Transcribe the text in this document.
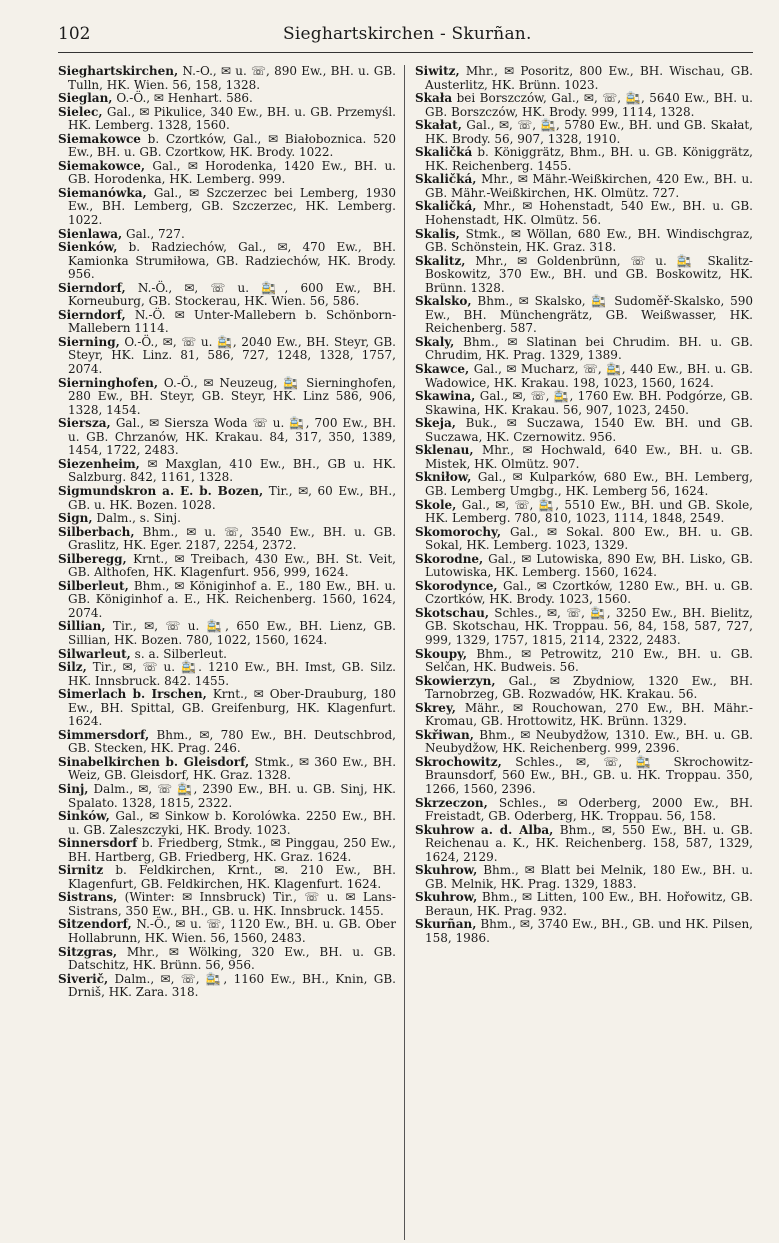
102	Sieghartskirchen - Skurñan.

Sieghartskirchen, N.-Ö., ✉ u. ☏, 890 Ew., BH. u. GB. Tulln, HK. Wien. 56, 158, 1328.

Sieglan, O.-Ö., ✉ Henhart. 586.

Sielec, Gal., ✉ Pikulice, 340 Ew., BH. u. GB. Przemyśl. HK. Lemberg. 1328, 1560.

Siemakowce b. Czortków, Gal., ✉ Białoboznica. 520 Ew., BH. u. GB. Czortkow, HK. Brody. 1022.

Siemakowce, Gal., ✉ Horodenka, 1420 Ew., BH. u. GB. Horodenka, HK. Lemberg. 999.

Siemanówka, Gal., ✉ Szczerzec bei Lemberg, 1930 Ew., BH. Lemberg, GB. Szczerzec, HK. Lemberg. 1022.

Sienlawa, Gal., 727.

Sienków, b. Radziechów, Gal., ✉, 470 Ew., BH. Kamionka Strumiłowa, GB. Radziechów, HK. Brody. 956.

Sierndorf, N.-Ö., ✉, ☏ u. 🚉, 600 Ew., BH. Korneuburg, GB. Stockerau, HK. Wien. 56, 586.

Sierndorf, N.-Ö. ✉ Unter-Mallebern b. Schönborn-Mallebern 1114.

Sierning, O.-Ö., ✉, ☏ u. 🚉, 2040 Ew., BH. Steyr, GB. Steyr, HK. Linz. 81, 586, 727, 1248, 1328, 1757, 2074.

Sierninghofen, O.-Ö., ✉ Neuzeug, 🚉 Sierninghofen, 280 Ew., BH. Steyr, GB. Steyr, HK. Linz 586, 906, 1328, 1454.

Siersza, Gal., ✉ Siersza Woda ☏ u. 🚉, 700 Ew., BH. u. GB. Chrzanów, HK. Krakau. 84, 317, 350, 1389, 1454, 1722, 2483.

Siezenheim, ✉ Maxglan, 410 Ew., BH., GB u. HK. Salzburg. 842, 1161, 1328.

Sigmundskron a. E. b. Bozen, Tir., ✉, 60 Ew., BH., GB. u. HK. Bozen. 1028.

Sign, Dalm., s. Sinj.

Silberbach, Bhm., ✉ u. ☏, 3540 Ew., BH. u. GB. Graslitz, HK. Eger. 2187, 2254, 2372.

Silberegg, Krnt., ✉ Treibach, 430 Ew., BH. St. Veit, GB. Althofen, HK. Klagenfurt. 956, 999, 1624.

Silberleut, Bhm., ✉ Königinhof a. E., 180 Ew., BH. u. GB. Königinhof a. E., HK. Reichenberg. 1560, 1624, 2074.

Sillian, Tir., ✉, ☏ u. 🚉, 650 Ew., BH. Lienz, GB. Sillian, HK. Bozen. 780, 1022, 1560, 1624.

Silwarleut, s. a. Silberleut.

Silz, Tir., ✉, ☏ u. 🚉. 1210 Ew., BH. Imst, GB. Silz. HK. Innsbruck. 842. 1455.

Simerlach b. Irschen, Krnt., ✉ Ober-Drauburg, 180 Ew., BH. Spittal, GB. Greifenburg, HK. Klagenfurt. 1624.

Simmersdorf, Bhm., ✉, 780 Ew., BH. Deutschbrod, GB. Stecken, HK. Prag. 246.

Sinabelkirchen b. Gleisdorf, Stmk., ✉ 360 Ew., BH. Weiz, GB. Gleisdorf, HK. Graz. 1328.

Sinj, Dalm., ✉, ☏ 🚉, 2390 Ew., BH. u. GB. Sinj, HK. Spalato. 1328, 1815, 2322.

Sinków, Gal., ✉ Sinkow b. Korolówka. 2250 Ew., BH. u. GB. Zaleszczyki, HK. Brody. 1023.

Sinnersdorf b. Friedberg, Stmk., ✉ Pinggau, 250 Ew., BH. Hartberg, GB. Friedberg, HK. Graz. 1624.

Sirnitz b. Feldkirchen, Krnt., ✉. 210 Ew., BH. Klagenfurt, GB. Feldkirchen, HK. Klagenfurt. 1624.

Sistrans, (Winter: ✉ Innsbruck) Tir., ☏ u. ✉ Lans-Sistrans, 350 Ew., BH., GB. u. HK. Innsbruck. 1455.

Sitzendorf, N.-Ö., ✉ u. ☏, 1120 Ew., BH. u. GB. Ober Hollabrunn, HK. Wien. 56, 1560, 2483.

Sitzgras, Mhr., ✉ Wölking, 320 Ew., BH. u. GB. Datschitz, HK. Brünn. 56, 956.

Siverič, Dalm., ✉, ☏, 🚉, 1160 Ew., BH., Knin, GB. Drniš, HK. Zara. 318.

Siwitz, Mhr., ✉ Posoritz, 800 Ew., BH. Wischau, GB. Austerlitz, HK. Brünn. 1023.

Skała bei Borszczów, Gal., ✉, ☏, 🚉, 5640 Ew., BH. u. GB. Borszczów, HK. Brody. 999, 1114, 1328.

Skałat, Gal., ✉, ☏, 🚉, 5780 Ew., BH. und GB. Skałat, HK. Brody. 56, 907, 1328, 1910.

Skaličká b. Königgrätz, Bhm., BH. u. GB. Königgrätz, HK. Reichenberg. 1455.

Skaličká, Mhr., ✉ Mähr.-Weißkirchen, 420 Ew., BH. u. GB. Mähr.-Weißkirchen, HK. Olmütz. 727.

Skaličká, Mhr., ✉ Hohenstadt, 540 Ew., BH. u. GB. Hohenstadt, HK. Olmütz. 56.

Skalis, Stmk., ✉ Wöllan, 680 Ew., BH. Windischgraz, GB. Schönstein, HK. Graz. 318.

Skalitz, Mhr., ✉ Goldenbrünn, ☏ u. 🚉 Skalitz-Boskowitz, 370 Ew., BH. und GB. Boskowitz, HK. Brünn. 1328.

Skalsko, Bhm., ✉ Skalsko, 🚉 Sudoměř-Skalsko, 590 Ew., BH. Münchengrätz, GB. Weißwasser, HK. Reichenberg. 587.

Skaly, Bhm., ✉ Slatinan bei Chrudim. BH. u. GB. Chrudim, HK. Prag. 1329, 1389.

Skawce, Gal., ✉ Mucharz, ☏, 🚉, 440 Ew., BH. u. GB. Wadowice, HK. Krakau. 198, 1023, 1560, 1624.

Skawina, Gal., ✉, ☏, 🚉, 1760 Ew. BH. Podgórze, GB. Skawina, HK. Krakau. 56, 907, 1023, 2450.

Skeja, Buk., ✉ Suczawa, 1540 Ew. BH. und GB. Suczawa, HK. Czernowitz. 956.

Sklenau, Mhr., ✉ Hochwald, 640 Ew., BH. u. GB. Mistek, HK. Olmütz. 907.

Skniłow, Gal., ✉ Kulparków, 680 Ew., BH. Lemberg, GB. Lemberg Umgbg., HK. Lemberg 56, 1624.

Skole, Gal., ✉, ☏, 🚉, 5510 Ew., BH. und GB. Skole, HK. Lemberg. 780, 810, 1023, 1114, 1848, 2549.

Skomorochy, Gal., ✉ Sokal. 800 Ew., BH. u. GB. Sokal, HK. Lemberg. 1023, 1329.

Skorodne, Gal., ✉ Lutowiska, 890 Ew, BH. Lisko, GB. Lutowiska, HK. Lemberg. 1560, 1624.

Skorodynce, Gal., ✉ Czortków, 1280 Ew., BH. u. GB. Czortków, HK. Brody. 1023, 1560.

Skotschau, Schles., ✉, ☏, 🚉, 3250 Ew., BH. Bielitz, GB. Skotschau, HK. Troppau. 56, 84, 158, 587, 727, 999, 1329, 1757, 1815, 2114, 2322, 2483.

Skoupy, Bhm., ✉ Petrowitz, 210 Ew., BH. u. GB. Selčan, HK. Budweis. 56.

Skowierzyn, Gal., ✉ Zbydniow, 1320 Ew., BH. Tarnobrzeg, GB. Rozwadów, HK. Krakau. 56.

Skrey, Mähr., ✉ Rouchowan, 270 Ew., BH. Mähr.-Kromau, GB. Hrottowitz, HK. Brünn. 1329.

Skřiwan, Bhm., ✉ Neubydžow, 1310. Ew., BH. u. GB. Neubydžow, HK. Reichenberg. 999, 2396.

Skrochowitz, Schles., ✉, ☏, 🚉 Skrochowitz-Braunsdorf, 560 Ew., BH., GB. u. HK. Troppau. 350, 1266, 1560, 2396.

Skrzeczon, Schles., ✉ Oderberg, 2000 Ew., BH. Freistadt, GB. Oderberg, HK. Troppau. 56, 158.

Skuhrow a. d. Alba, Bhm., ✉, 550 Ew., BH. u. GB. Reichenau a. K., HK. Reichenberg. 158, 587, 1329, 1624, 2129.

Skuhrow, Bhm., ✉ Blatt bei Melnik, 180 Ew., BH. u. GB. Melnik, HK. Prag. 1329, 1883.

Skuhrow, Bhm., ✉ Litten, 100 Ew., BH. Hořowitz, GB. Beraun, HK. Prag. 932.

Skurñan, Bhm., ✉, 3740 Ew., BH., GB. und HK. Pilsen, 158, 1986.
